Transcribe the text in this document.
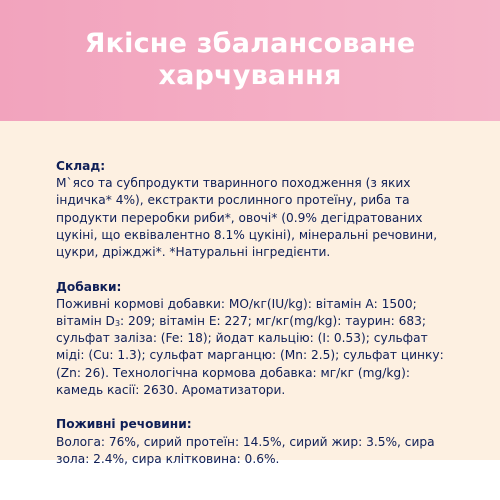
Якісне збалансоване
харчування
Склад:
М`ясо та субпродукти тваринного походження (з яких індичка* 4%), екстракти рослинного протеїну, риба та продукти переробки риби*, овочі* (0.9% дегідратованих цукіні, що еквівалентно 8.1% цукіні), мінеральні речовини, цукри, дріжджі*. *Натуральні інгредієнти.
Добавки:
Поживні кормові добавки: МО/кг(IU/kg): вітамін А: 1500; вітамін $D_3$: 209; вітамін Е: 227; мг/кг(mg/kg): таурин: 683; сульфат заліза: (Fe: 18); йодат кальцію: (I: 0.53); сульфат міді: (Cu: 1.3); сульфат марганцю: (Mn: 2.5); сульфат цинку: (Zn: 26). Технологічна кормова добавка: мг/кг (mg/kg): камедь касії: 2630. Ароматизатори.
Поживні речовини:
Волога: 76%, сирий протеїн: 14.5%, сирий жир: 3.5%, сира зола: 2.4%, сира клітковина: 0.6%.
